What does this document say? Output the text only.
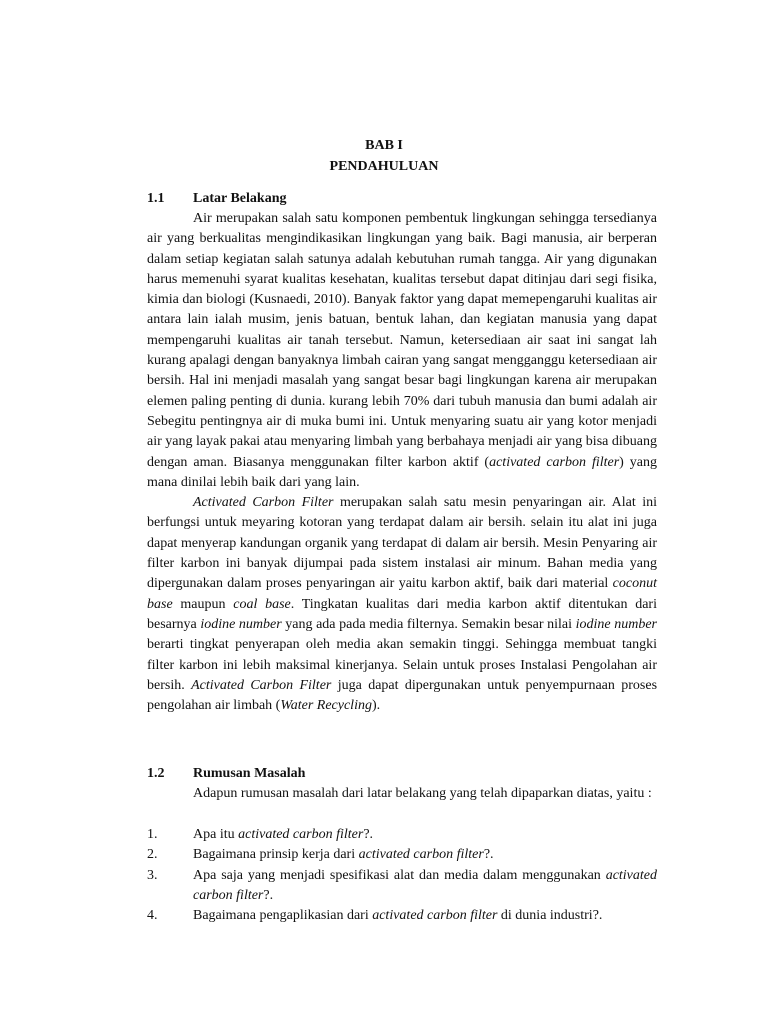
BAB I
PENDAHULUAN
1.1 Latar Belakang

Air merupakan salah satu komponen pembentuk lingkungan sehingga tersedianya air yang berkualitas mengindikasikan lingkungan yang baik. Bagi manusia, air berperan dalam setiap kegiatan salah satunya adalah kebutuhan rumah tangga. Air yang digunakan harus memenuhi syarat kualitas kesehatan, kualitas tersebut dapat ditinjau dari segi fisika, kimia dan biologi (Kusnaedi, 2010). Banyak faktor yang dapat memepengaruhi kualitas air antara lain ialah musim, jenis batuan, bentuk lahan, dan kegiatan manusia yang dapat mempengaruhi kualitas air tanah tersebut. Namun, ketersediaan air saat ini sangat lah kurang apalagi dengan banyaknya limbah cairan yang sangat mengganggu ketersediaan air bersih. Hal ini menjadi masalah yang sangat besar bagi lingkungan karena air merupakan elemen paling penting di dunia. kurang lebih 70% dari tubuh manusia dan bumi adalah air Sebegitu pentingnya air di muka bumi ini. Untuk menyaring suatu air yang kotor menjadi air yang layak pakai atau menyaring limbah yang berbahaya menjadi air yang bisa dibuang dengan aman. Biasanya menggunakan filter karbon aktif (activated carbon filter) yang mana dinilai lebih baik dari yang lain.

Activated Carbon Filter merupakan salah satu mesin penyaringan air. Alat ini berfungsi untuk meyaring kotoran yang terdapat dalam air bersih. selain itu alat ini juga dapat menyerap kandungan organik yang terdapat di dalam air bersih. Mesin Penyaring air filter karbon ini banyak dijumpai pada sistem instalasi air minum. Bahan media yang dipergunakan dalam proses penyaringan air yaitu karbon aktif, baik dari material coconut base maupun coal base. Tingkatan kualitas dari media karbon aktif ditentukan dari besarnya iodine number yang ada pada media filternya. Semakin besar nilai iodine number berarti tingkat penyerapan oleh media akan semakin tinggi. Sehingga membuat tangki filter karbon ini lebih maksimal kinerjanya. Selain untuk proses Instalasi Pengolahan air bersih. Activated Carbon Filter juga dapat dipergunakan untuk penyempurnaan proses pengolahan air limbah (Water Recycling).

1.2 Rumusan Masalah

Adapun rumusan masalah dari latar belakang yang telah dipaparkan diatas, yaitu :

1.	Apa itu activated carbon filter?.
2.	Bagaimana prinsip kerja dari activated carbon filter?.
3.	Apa saja yang menjadi spesifikasi alat dan media dalam menggunakan activated carbon filter?.
4.	Bagaimana pengaplikasian dari activated carbon filter di dunia industri?.
